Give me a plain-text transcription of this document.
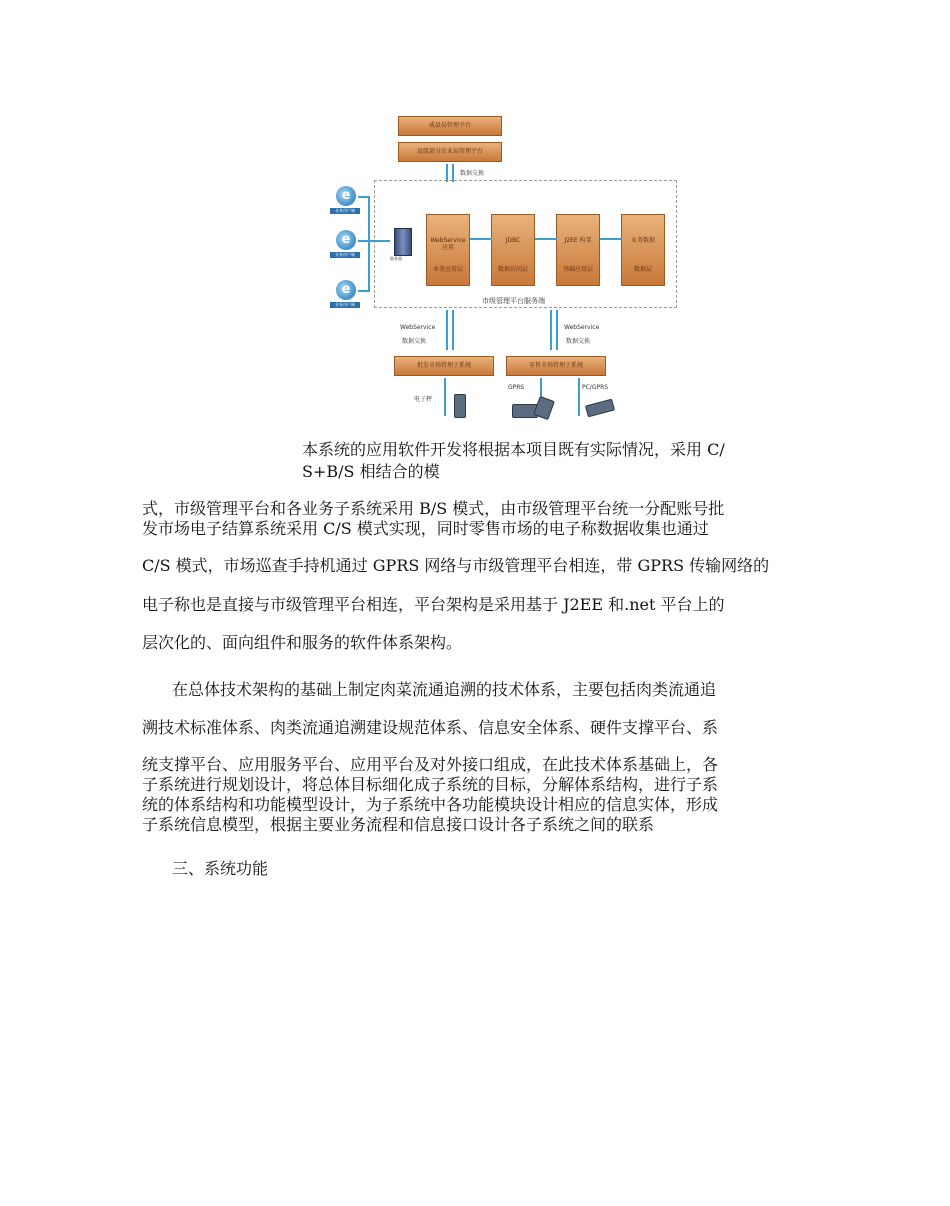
威县局管理平台
县级部分农业局管理平台
数据交换
WebService 应用
业务应用层
JDBC
数据访问层
J2EE 构架
基础应用层
业务数据
数据层
市级管理平台服务端
e
业务用户端
e
业务用户端
e
业务用户端
服务器
WebService
数据交换
WebService
数据交换
批发市场管理子系统	零售市场管理子系统
电子秤
GPRS	PC/GPRS
本系统的应用软件开发将根据本项目既有实际情况，采用 C/
S+B/S 相结合的模
式，市级管理平台和各业务子系统采用 B/S 模式，由市级管理平台统一分配账号批
发市场电子结算系统采用 C/S 模式实现，同时零售市场的电子称数据收集也通过
C/S 模式，市场巡查手持机通过 GPRS 网络与市级管理平台相连，带 GPRS 传输网络的
电子称也是直接与市级管理平台相连，平台架构是采用基于 J2EE 和.net 平台上的
层次化的、面向组件和服务的软件体系架构。
在总体技术架构的基础上制定肉菜流通追溯的技术体系，主要包括肉类流通追
溯技术标准体系、肉类流通追溯建设规范体系、信息安全体系、硬件支撑平台、系
统支撑平台、应用服务平台、应用平台及对外接口组成，在此技术体系基础上，各
子系统进行规划设计，将总体目标细化成子系统的目标，分解体系结构，进行子系
统的体系结构和功能模型设计，为子系统中各功能模块设计相应的信息实体，形成
子系统信息模型，根据主要业务流程和信息接口设计各子系统之间的联系
三、系统功能
